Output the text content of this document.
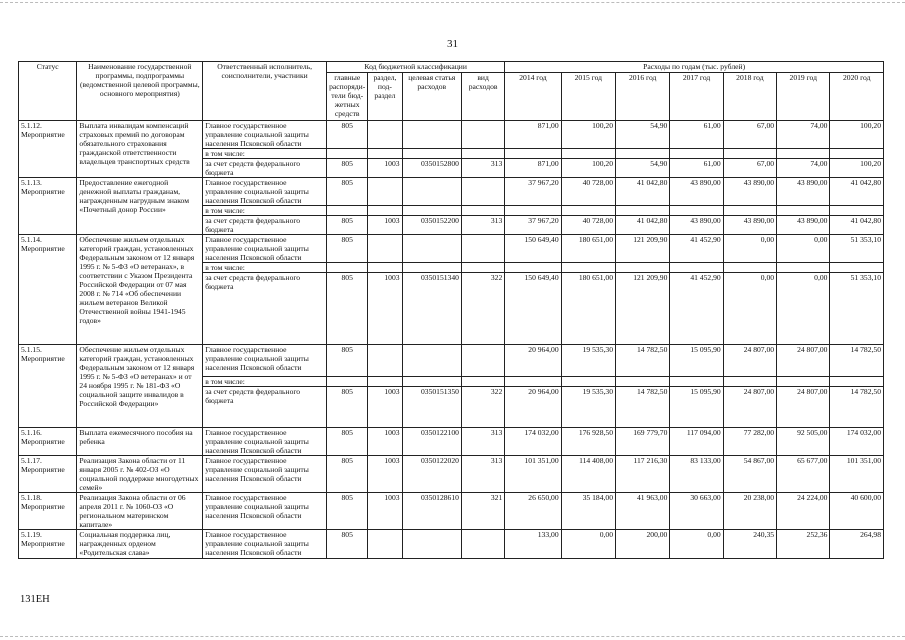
31
Статус	Наименование государственной программы, подпрограммы (ведомственной целевой программы, основного мероприятия)	Ответственный исполнитель, соисполнители, участники	Код бюджетной классификации				Расходы по годам (тыс. рублей)						
			главные распоряди-тели бюд-жетных средств	раздел, под-раздел	целевая статья расходов	вид расходов	2014 год	2015 год	2016 год	2017 год	2018 год	2019 год	2020 год
5.1.12. Мероприятие	Выплата инвалидам компенсаций страховых премий по договорам обязательного страхования гражданской ответственности владельцев транспортных средств	Главное государственное управление социальной защиты населения Псковской области	805				871,00	100,20	54,90	61,00	67,00	74,00	100,20
		в том числе:											
		за счет средств федерального бюджета	805	1003	0350152800	313	871,00	100,20	54,90	61,00	67,00	74,00	100,20
5.1.13. Мероприятие	Предоставление ежегодной денежной выплаты гражданам, награжденным нагрудным знаком «Почетный донор России»	Главное государственное управление социальной защиты населения Псковской области	805				37 967,20	40 728,00	41 042,80	43 890,00	43 890,00	43 890,00	41 042,80
		в том числе:											
		за счет средств федерального бюджета	805	1003	0350152200	313	37 967,20	40 728,00	41 042,80	43 890,00	43 890,00	43 890,00	41 042,80
5.1.14. Мероприятие	Обеспечение жильем отдельных категорий граждан, установленных Федеральным законом от 12 января 1995 г. № 5-ФЗ «О ветеранах», в соответствии с Указом Президента Российской Федерации от 07 мая 2008 г. № 714 «Об обеспечении жильем ветеранов Великой Отечественной войны 1941-1945 годов»	Главное государственное управление социальной защиты населения Псковской области	805				150 649,40	180 651,00	121 209,90	41 452,90	0,00	0,00	51 353,10
		в том числе:											
		за счет средств федерального бюджета	805	1003	0350151340	322	150 649,40	180 651,00	121 209,90	41 452,90	0,00	0,00	51 353,10
5.1.15. Мероприятие	Обеспечение жильем отдельных категорий граждан, установленных Федеральным законом от 12 января 1995 г. № 5-ФЗ «О ветеранах» и от 24 ноября 1995 г. № 181-ФЗ «О социальной защите инвалидов в Российской Федерации»	Главное государственное управление социальной защиты населения Псковской области	805				20 964,00	19 535,30	14 782,50	15 095,90	24 807,00	24 807,00	14 782,50
		в том числе:											
		за счет средств федерального бюджета	805	1003	0350151350	322	20 964,00	19 535,30	14 782,50	15 095,90	24 807,00	24 807,00	14 782,50
5.1.16. Мероприятие	Выплата ежемесячного пособия на ребенка	Главное государственное управление социальной защиты населения Псковской области	805	1003	0350122100	313	174 032,00	176 928,50	169 779,70	117 094,00	77 282,00	92 505,00	174 032,00
5.1.17. Мероприятие	Реализация Закона области от 11 января 2005 г. № 402-ОЗ «О социальной поддержке многодетных семей»	Главное государственное управление социальной защиты населения Псковской области	805	1003	0350122020	313	101 351,00	114 408,00	117 216,30	83 133,00	54 867,00	65 677,00	101 351,00
5.1.18. Мероприятие	Реализация Закона области от 06 апреля 2011 г. № 1060-ОЗ «О региональном материнском капитале»	Главное государственное управление социальной защиты населения Псковской области	805	1003	0350128610	321	26 650,00	35 184,00	41 963,00	30 663,00	20 238,00	24 224,00	40 600,00
5.1.19. Мероприятие	Социальная поддержка лиц, награжденных орденом «Родительская слава»	Главное государственное управление социальной защиты населения Псковской области	805				133,00	0,00	200,00	0,00	240,35	252,36	264,98
131ЕН
